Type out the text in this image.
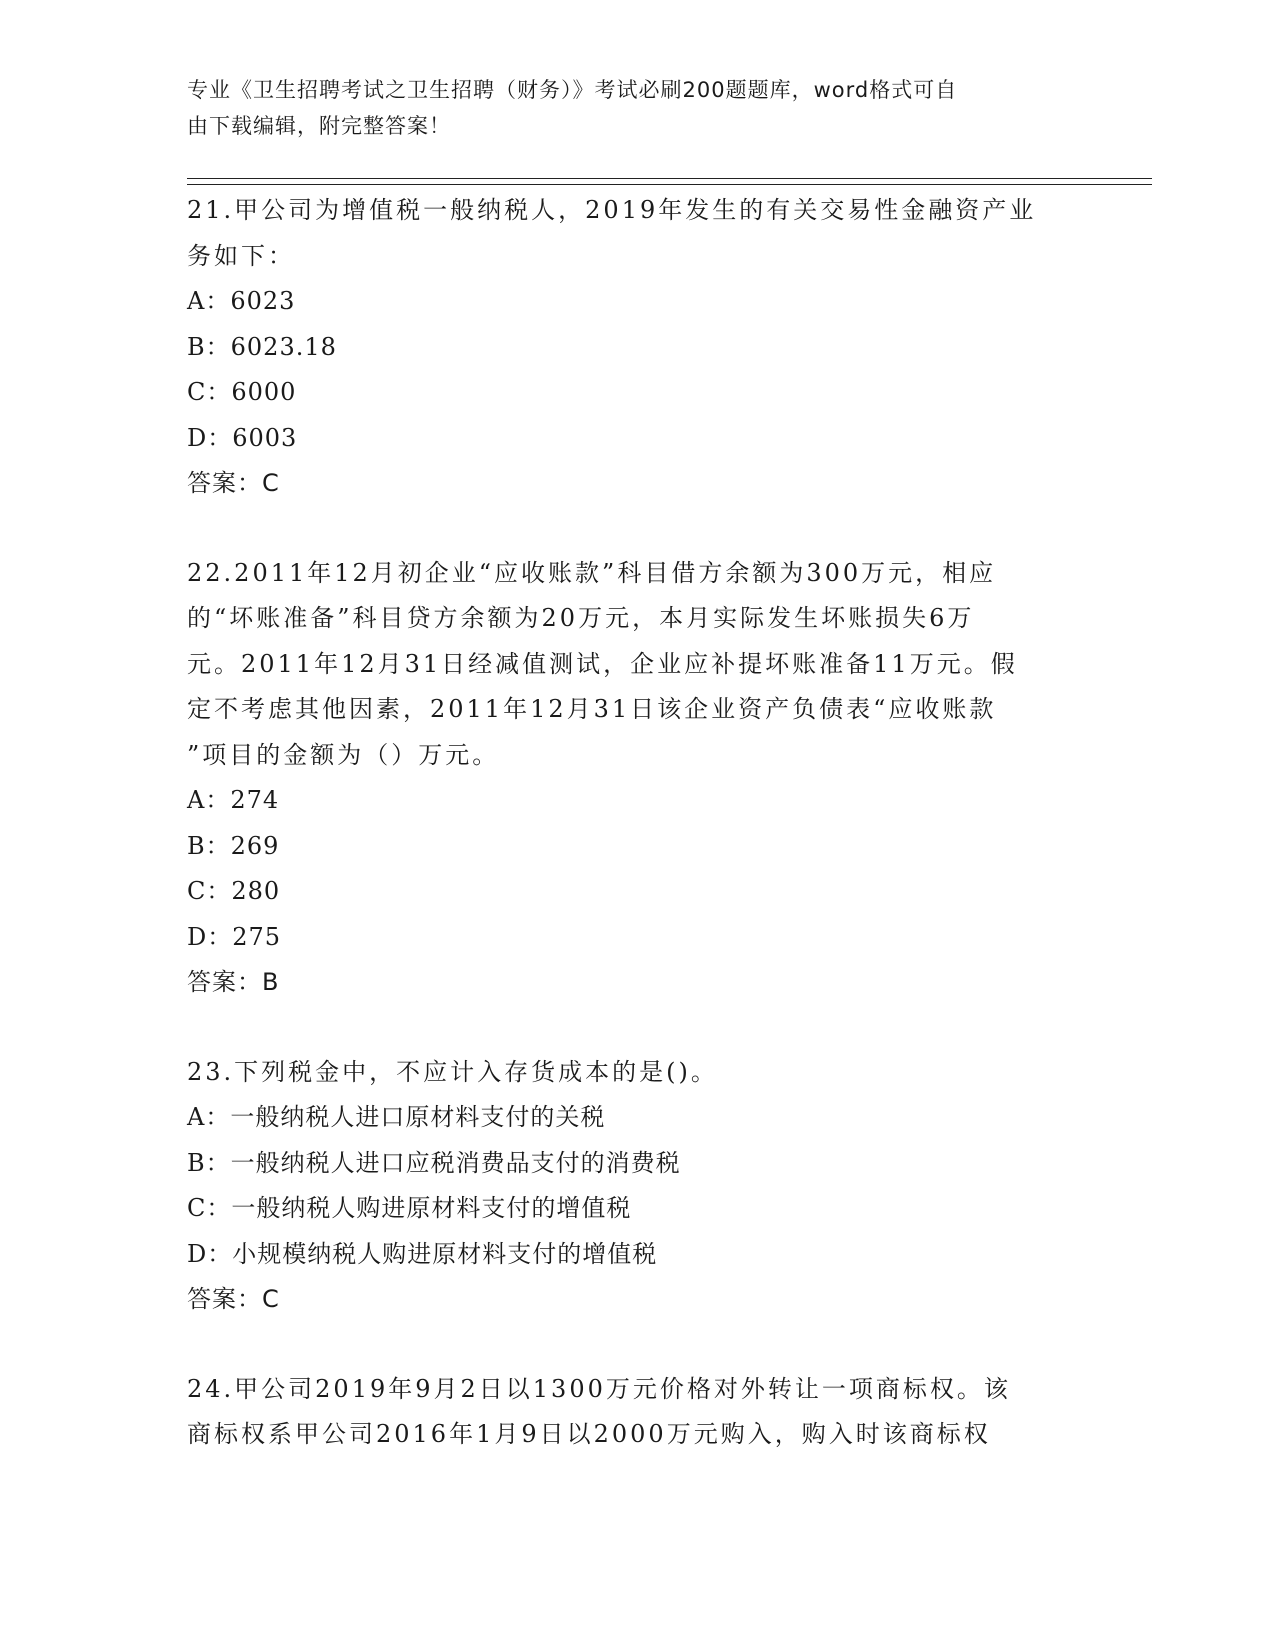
专业《卫生招聘考试之卫生招聘（财务）》考试必刷200题题库，word格式可自
由下载编辑，附完整答案！

21.甲公司为增值税一般纳税人，2019年发生的有关交易性金融资产业

务如下：

A：6023

B：6023.18

C：6000

D：6003

答案：C

22.2011年12月初企业“应收账款”科目借方余额为300万元，相应

的“坏账准备”科目贷方余额为20万元，本月实际发生坏账损失6万

元。2011年12月31日经减值测试，企业应补提坏账准备11万元。假

定不考虑其他因素，2011年12月31日该企业资产负债表“应收账款

”项目的金额为（）万元。

A：274

B：269

C：280

D：275

答案：B

23.下列税金中，不应计入存货成本的是()。

A：一般纳税人进口原材料支付的关税

B：一般纳税人进口应税消费品支付的消费税

C：一般纳税人购进原材料支付的增值税

D：小规模纳税人购进原材料支付的增值税

答案：C

24.甲公司2019年9月2日以1300万元价格对外转让一项商标权。该

商标权系甲公司2016年1月9日以2000万元购入，购入时该商标权
